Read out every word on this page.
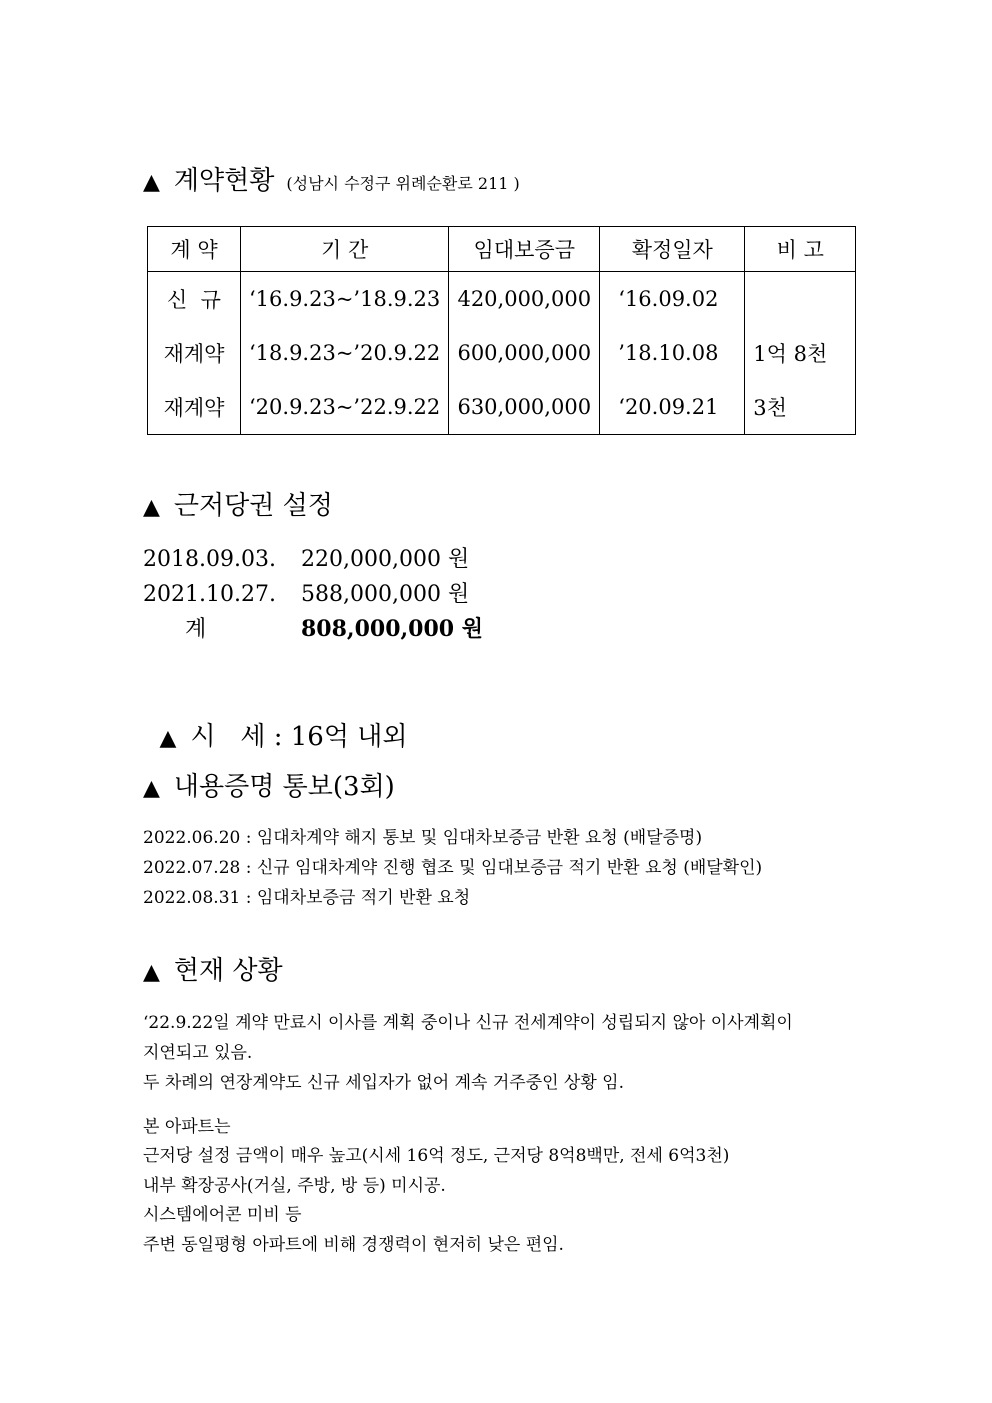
▲ 계약현황 (성남시 수정구 위례순환로 211 )
계 약	기 간	임대보증금	확정일자	비 고
신  규	‘16.9.23~’18.9.23	420,000,000	‘16.09.02	
재계약	‘18.9.23~’20.9.22	600,000,000	’18.10.08	1억 8천
재계약	‘20.9.23~’22.9.22	630,000,000	‘20.09.21	3천
▲ 근저당권 설정
2018.09.03. 220,000,000 원
2021.10.27. 588,000,000 원
계	808,000,000 원

▲ 시   세 : 16억 내외

▲ 내용증명 통보(3회)
2022.06.20 : 임대차계약 해지 통보 및 임대차보증금 반환 요청 (배달증명)
2022.07.28 : 신규 임대차계약 진행 협조 및 임대보증금 적기 반환 요청 (배달확인)
2022.08.31 : 임대차보증금 적기 반환 요청
▲ 현재 상황
‘22.9.22일 계약 만료시 이사를 계획 중이나 신규 전세계약이 성립되지 않아 이사계획이
지연되고 있음.
두 차례의 연장계약도 신규 세입자가 없어 계속 거주중인 상황 임.
본 아파트는
근저당 설정 금액이 매우 높고(시세 16억 정도, 근저당 8억8백만, 전세 6억3천)
내부 확장공사(거실, 주방, 방 등) 미시공.
시스템에어콘 미비 등
주변 동일평형 아파트에 비해 경쟁력이 현저히 낮은 편임.
